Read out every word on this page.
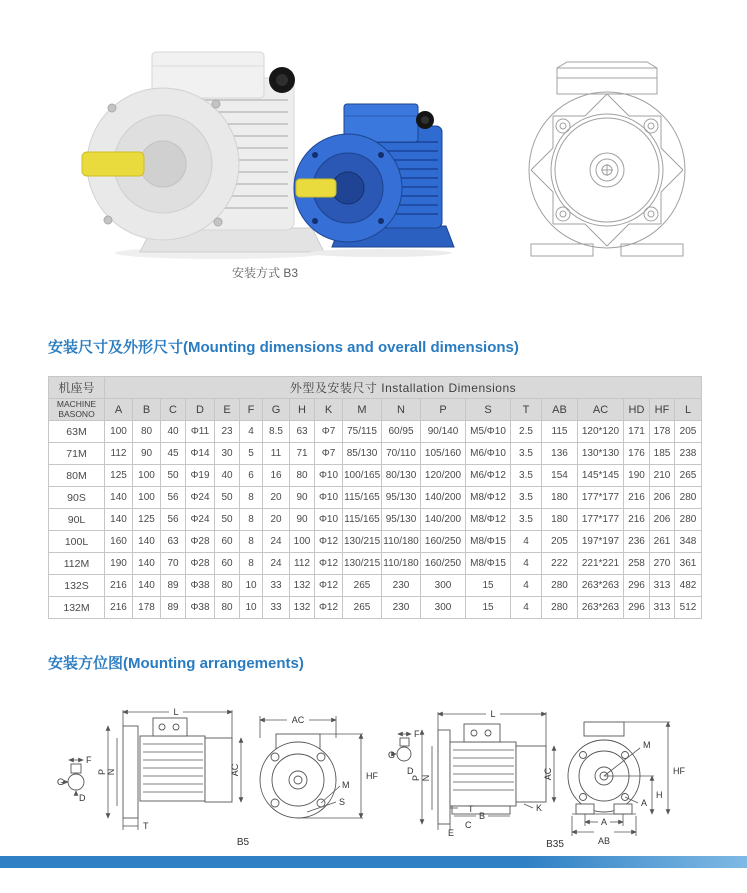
安装方式 B3
安装尺寸及外形尺寸(Mounting dimensions and overall dimensions)
机座号	外型及安装尺寸 Installation Dimensions																		
MACHINE
BASONO	A	B	C	D	E	F	G	H	K	M	N	P	S	T	AB	AC	HD	HF	L
63M	100	80	40	Φ11	23	4	8.5	63	Φ7	75/115	60/95	90/140	M5/Φ10	2.5	115	120*120	171	178	205
71M	112	90	45	Φ14	30	5	11	71	Φ7	85/130	70/110	105/160	M6/Φ10	3.5	136	130*130	176	185	238
80M	125	100	50	Φ19	40	6	16	80	Φ10	100/165	80/130	120/200	M6/Φ12	3.5	154	145*145	190	210	265
90S	140	100	56	Φ24	50	8	20	90	Φ10	115/165	95/130	140/200	M8/Φ12	3.5	180	177*177	216	206	280
90L	140	125	56	Φ24	50	8	20	90	Φ10	115/165	95/130	140/200	M8/Φ12	3.5	180	177*177	216	206	280
100L	160	140	63	Φ28	60	8	24	100	Φ12	130/215	110/180	160/250	M8/Φ15	4	205	197*197	236	261	348
112M	190	140	70	Φ28	60	8	24	112	Φ12	130/215	110/180	160/250	M8/Φ15	4	222	221*221	258	270	361
132S	216	140	89	Φ38	80	10	33	132	Φ12	265	230	300	15	4	280	263*263	296	313	482
132M	216	178	89	Φ38	80	10	33	132	Φ12	265	230	300	15	4	280	263*263	296	313	512
安装方位图(Mounting arrangements)
F
G
D
L
P N
T
AC
AC
HF
M
S
B5
F
G
D
L
P N	AC
T
B
K
C
E
M
HF
H
A
A
AB
B35
